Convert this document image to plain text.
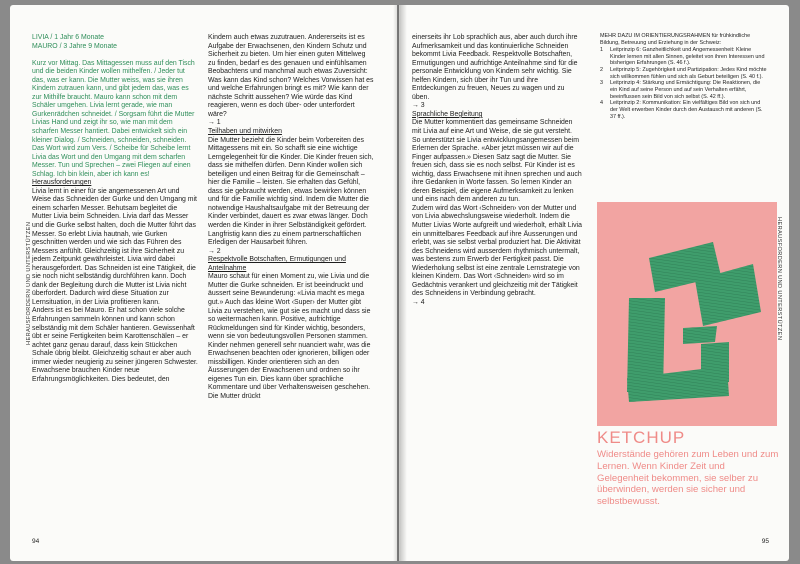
HERAUSFORDERN UND UNTERSTÜTZEN

LIVIA / 1 Jahr 6 Monate

MAURO / 3 Jahre 9 Monate

Kurz vor Mittag. Das Mittagessen muss auf den Tisch und die beiden Kinder wollen mithelfen. / Jeder tut das, was er kann. Die Mutter weiss, was sie ihren Kindern zutrauen kann, und gibt jedem das, was es zur Mithilfe braucht. Mauro kann schon mit dem Schäler umgehen. Livia lernt gerade, wie man Gurkenrädchen schneidet. / Sorgsam führt die Mutter Livias Hand und zeigt ihr so, wie man mit dem scharfen Messer hantiert. Dabei entwickelt sich ein kleiner Dialog. / Schneiden, schneiden, schneiden. Das Wort wird zum Vers. / Scheibe für Scheibe lernt Livia das Wort und den Umgang mit dem scharfen Messer. Tun und Sprechen – zwei Fliegen auf einen Schlag. Ich bin klein, aber ich kann es!

Herausforderungen

Livia lernt in einer für sie angemessenen Art und Weise das Schneiden der Gurke und den Umgang mit einem scharfen Messer. Behutsam begleitet die Mutter Livia beim Schneiden. Livia darf das Messer und die Gurke selbst halten, doch die Mutter führt das Messer. So erlebt Livia hautnah, wie Gurken geschnitten werden und wie sich das Führen des Messers anfühlt. Gleichzeitig ist ihre Sicherheit zu jedem Zeitpunkt gewährleistet. Livia wird dabei herausgefordert. Das Schneiden ist eine Tätigkeit, die sie noch nicht selbständig durchführen kann. Doch dank der Begleitung durch die Mutter ist Livia nicht überfordert. Dadurch wird diese Situation zur Lernsituation, in der Livia profitieren kann.

Anders ist es bei Mauro. Er hat schon viele solche Erfahrungen sammeln können und kann schon selbständig mit dem Schäler hantieren. Gewissenhaft übt er seine Fertigkeiten beim Karottenschälen – er achtet ganz genau darauf, dass kein Stückchen Schale übrig bleibt. Gleichzeitig schaut er aber auch immer wieder neugierig zu seiner jüngeren Schwester.

Erwachsene brauchen Kinder neue Erfahrungsmöglichkeiten. Dies bedeutet, den

Kindern auch etwas zuzutrauen. Andererseits ist es Aufgabe der Erwachsenen, den Kindern Schutz und Sicherheit zu bieten. Um hier einen guten Mittelweg zu finden, bedarf es des genauen und einfühlsamen Beobachtens und manchmal auch etwas Zuversicht: Was kann das Kind schon? Welches Vorwissen hat es und welche Erfahrungen bringt es mit? Wie kann der nächste Schritt aussehen? Wie würde das Kind reagieren, wenn es doch über- oder unterfordert wäre?

→ 1

Teilhaben und mitwirken

Die Mutter bezieht die Kinder beim Vorbereiten des Mittagessens mit ein. So schafft sie eine wichtige Lerngelegenheit für die Kinder. Die Kinder freuen sich, dass sie mithelfen dürfen. Denn Kinder wollen sich beteiligen und einen Beitrag für die Gemeinschaft – hier die Familie – leisten. Sie erhalten das Gefühl, dass sie gebraucht werden, etwas bewirken können und für die Familie wichtig sind. Indem die Mutter die notwendige Haushaltsaufgabe mit der Betreuung der Kinder verbindet, dauert es zwar etwas länger. Doch werden die Kinder in ihrer Selbständigkeit gefördert. Langfristig kann dies zu einem partnerschaftlichen Erledigen der Hausarbeit führen.

→ 2

Respektvolle Botschaften, Ermutigungen und Anteilnahme

Mauro schaut für einen Moment zu, wie Livia und die Mutter die Gurke schneiden. Er ist beeindruckt und äussert seine Bewunderung: «Livia macht es mega gut.» Auch das kleine Wort ‹Super› der Mutter gibt Livia zu verstehen, wie gut sie es macht und dass sie so weitermachen kann. Positive, aufrichtige Rückmeldungen sind für Kinder wichtig, besonders, wenn sie von bedeutungsvollen Personen stammen. Kinder nehmen generell sehr nuanciert wahr, was die Erwachsenen beachten oder ignorieren, billigen oder missbilligen. Kinder orientieren sich an den Äusserungen der Erwachsenen und ordnen so ihr eigenes Tun ein. Dies kann über sprachliche Kommentare und über Verhaltensweisen geschehen. Die Mutter drückt

94

einerseits ihr Lob sprachlich aus, aber auch durch ihre Aufmerksamkeit und das kontinuierliche Schneiden bekommt Livia Feedback. Respektvolle Botschaften, Ermutigungen und aufrichtige Anteilnahme sind für die personale Entwicklung von Kindern sehr wichtig. Sie helfen Kindern, sich über ihr Tun und ihre Entdeckungen zu freuen, Neues zu wagen und zu üben.

→ 3

Sprachliche Begleitung

Die Mutter kommentiert das gemeinsame Schneiden mit Livia auf eine Art und Weise, die sie gut versteht. So unterstützt sie Livia entwicklungsangemessen beim Erlernen der Sprache. «Aber jetzt müssen wir auf die Finger aufpassen.» Diesen Satz sagt die Mutter. Sie freuen sich, dass sie es noch selbst. Für Kinder ist es wichtig, dass Erwachsene mit ihnen sprechen und auch ihre Gedanken in Worte fassen. So lernen Kinder an deren Beispiel, die eigene Aufmerksamkeit zu lenken und eins nach dem anderen zu tun.

Zudem wird das Wort ‹Schneiden› von der Mutter und von Livia abwechslungsweise wiederholt. Indem die Mutter Livias Worte aufgreift und wiederholt, erhält Livia ein unmittelbares Feedback auf ihre Äusserungen und erlebt, was sie selbst verbal produziert hat. Die Aktivität des Schneidens wird ausserdem rhythmisch untermalt, was bestens zum Erwerb der Fertigkeit passt. Die Wiederholung selbst ist eine zentrale Lernstrategie von kleinen Kindern. Das Wort ‹Schneiden› wird so im Gedächtnis verankert und gleichzeitig mit der Tätigkeit des Schneidens in Verbindung gebracht.

→ 4

MEHR DAZU IM ORIENTIERUNGSRAHMEN für frühkindliche Bildung, Betreuung und Erziehung in der Schweiz:

1	Leitprinzip 6: Ganzheitlichkeit und Angemessenheit: Kleine Kinder lernen mit allen Sinnen, geleitet von ihren Interessen und bisherigen Erfahrungen (S. 46 f.).
2	Leitprinzip 5: Zugehörigkeit und Partizipation: Jedes Kind möchte sich willkommen fühlen und sich als Geburt beteiligen (S. 40 f.).
3	Leitprinzip 4: Stärkung und Ermächtigung: Die Reaktionen, die ein Kind auf seine Person und auf sein Verhalten erfährt, beeinflussen sein Bild von sich selbst (S. 42 ff.).
4	Leitprinzip 2: Kommunikation: Ein vielfältiges Bild von sich und der Welt erwerben Kinder durch den Austausch mit anderen (S. 37 ff.).
KETCHUP
Widerstände gehören zum Leben und zum Lernen. Wenn Kinder Zeit und Gelegenheit bekommen, sie selber zu überwinden, werden sie sicher und selbstbewusst.
HERAUSFORDERN UND UNTERSTÜTZEN
95
